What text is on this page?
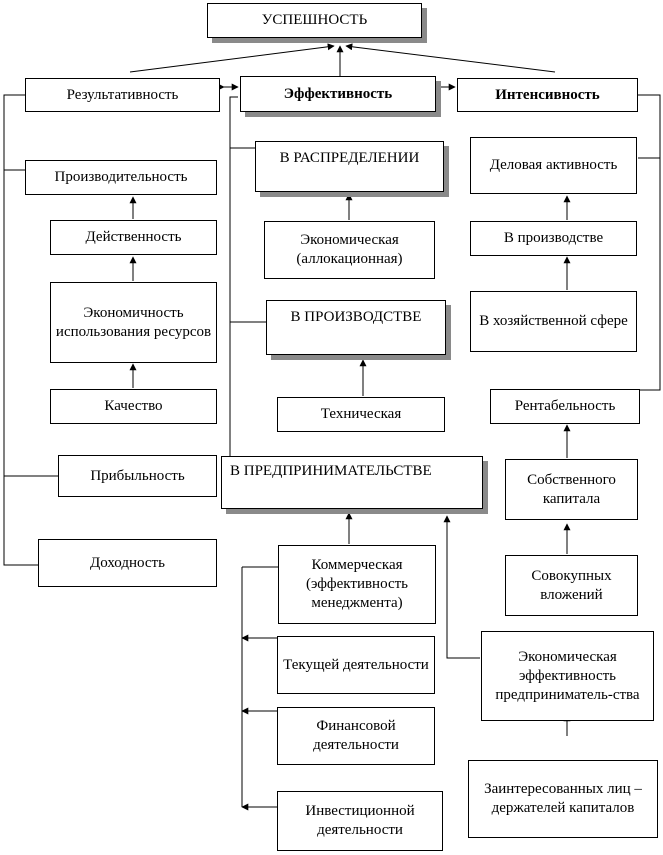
УСПЕШНОСТЬ
Результативность	Эффективность	Интенсивность
Производительность
Действенность
Экономичность использования ресурсов
Качество
Прибыльность
Доходность
В РАСПРЕДЕЛЕНИИ
Экономическая (аллокационная)
В ПРОИЗВОДСТВЕ
Техническая
В ПРЕДПРИНИМАТЕЛЬСТВЕ
Коммерческая (эффективность менеджмента)
Текущей деятельности
Финансовой деятельности
Инвестиционной деятельности
Деловая активность
В производстве
В хозяйственной сфере
Рентабельность
Собственного капитала
Совокупных вложений
Экономическая эффективность предприниматель-ства
Заинтересованных лиц – держателей капиталов
